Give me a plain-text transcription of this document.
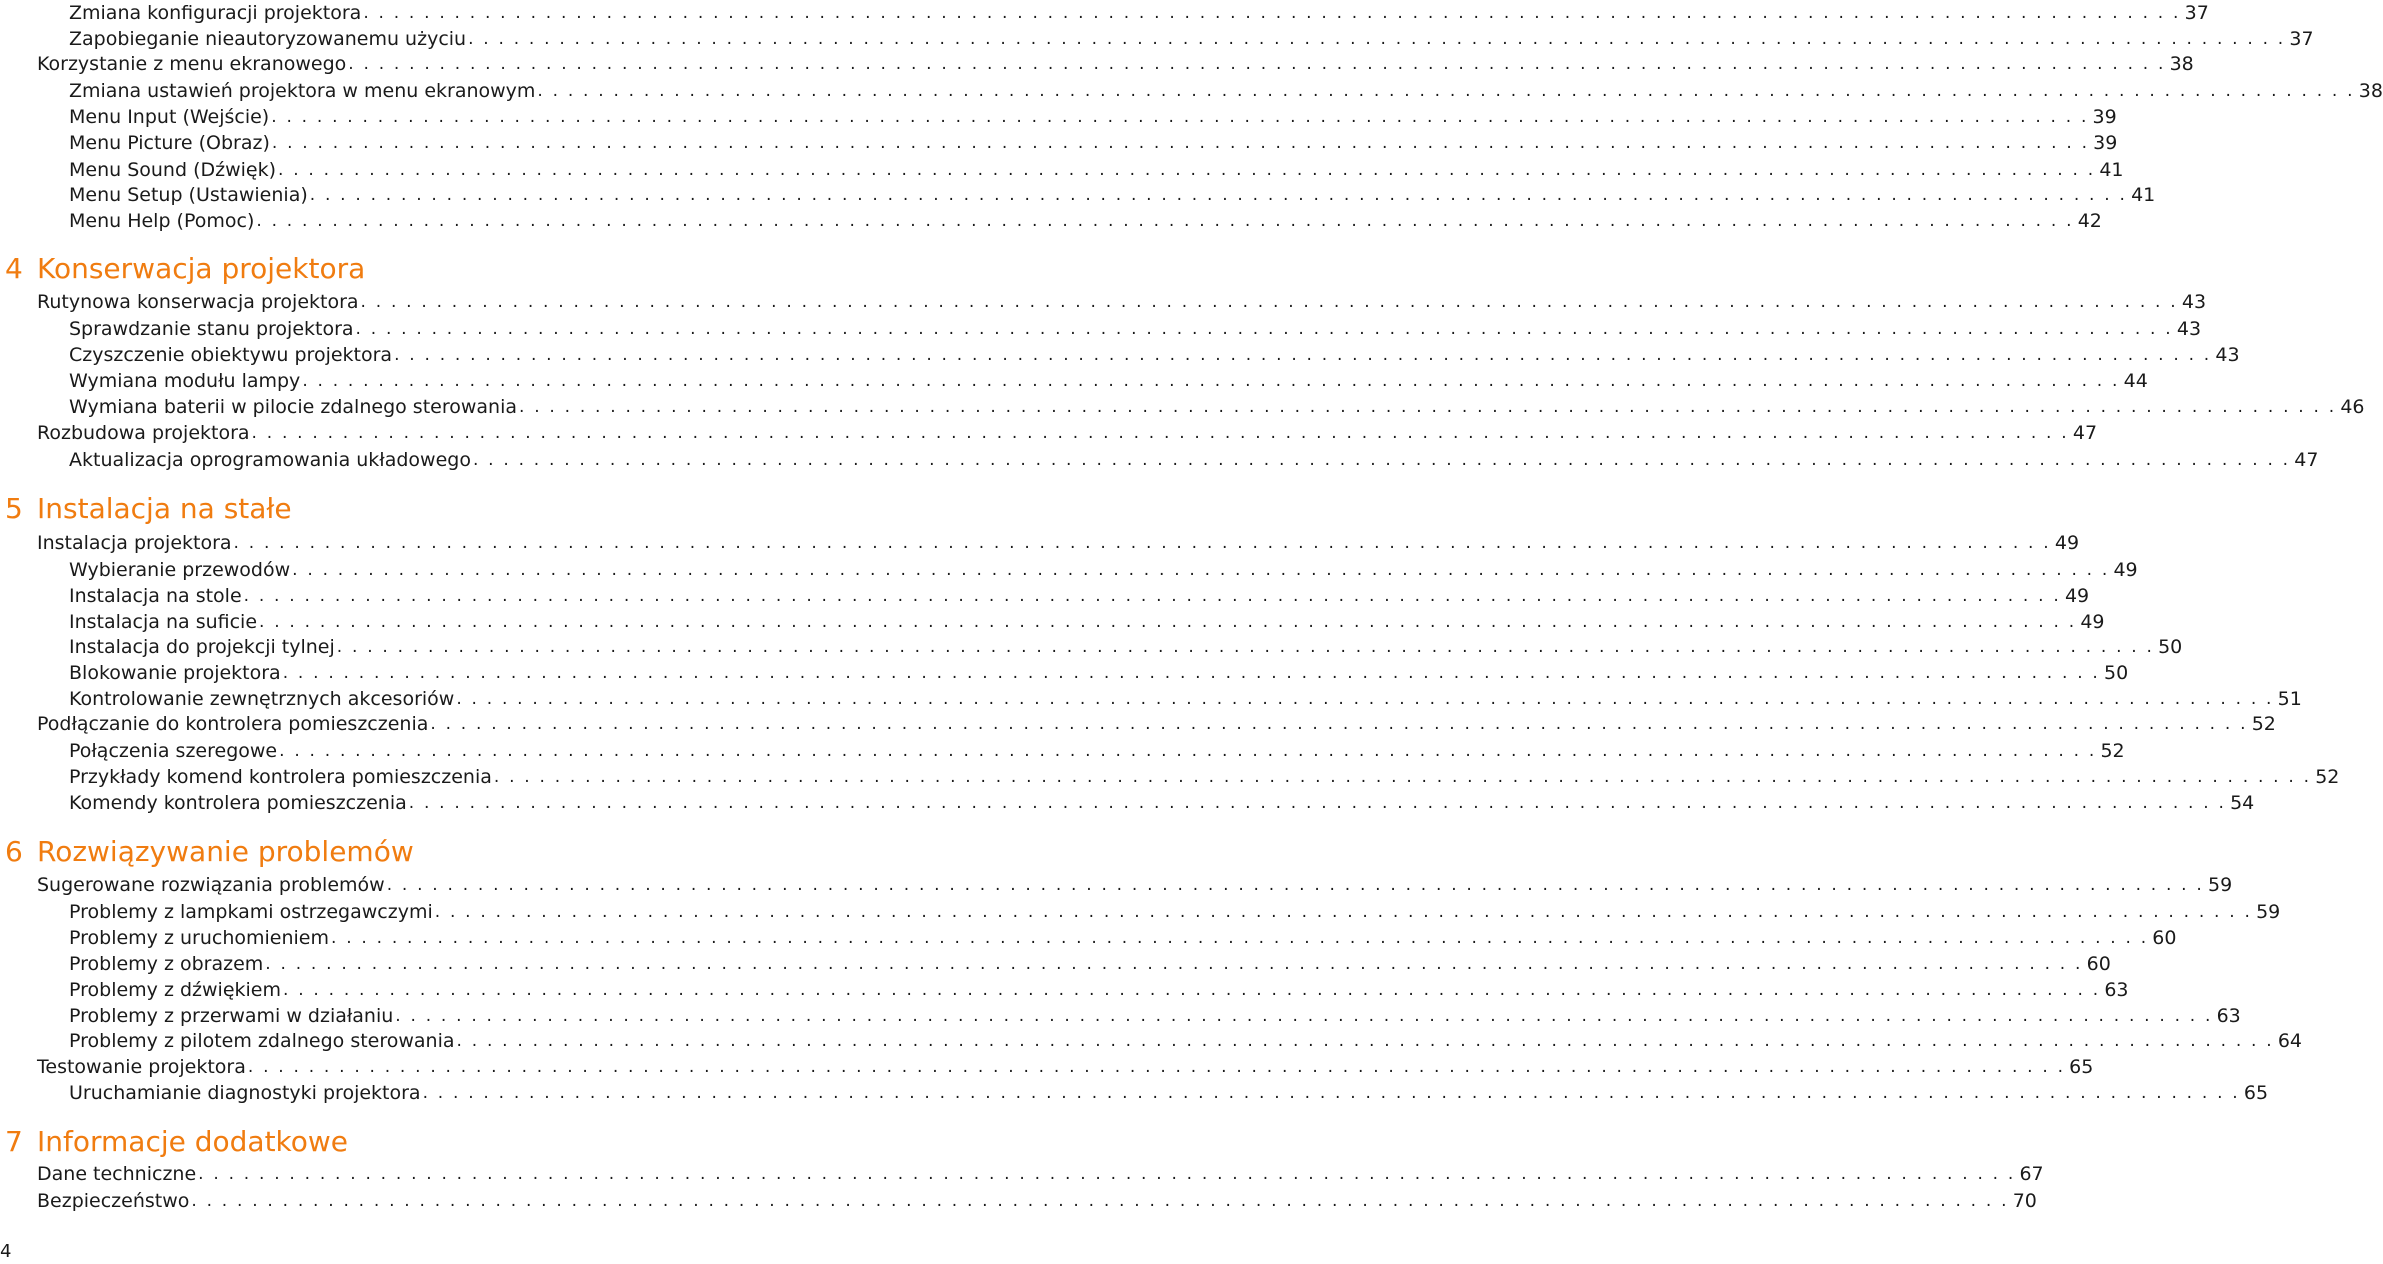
Zmiana konfiguracji projektora . . . . . . . . . . . . . . . . . . . . . . . . . . . . . . . . . . . . . . . . . . . . . . . . . . . . . . . . . . . . . . . . . . . . . . . . . . . . . . . . . . . . . . . . . . . . . . . . . . . . . . . . . . . . . . . . . . . . . . . . 37
Zapobieganie nieautoryzowanemu użyciu . . . . . . . . . . . . . . . . . . . . . . . . . . . . . . . . . . . . . . . . . . . . . . . . . . . . . . . . . . . . . . . . . . . . . . . . . . . . . . . . . . . . . . . . . . . . . . . . . . . . . . . . . . . . . . . . . . . . . . . . 37
Korzystanie z menu ekranowego . . . . . . . . . . . . . . . . . . . . . . . . . . . . . . . . . . . . . . . . . . . . . . . . . . . . . . . . . . . . . . . . . . . . . . . . . . . . . . . . . . . . . . . . . . . . . . . . . . . . . . . . . . . . . . . . . . . . . . . . 38
Zmiana ustawień projektora w menu ekranowym . . . . . . . . . . . . . . . . . . . . . . . . . . . . . . . . . . . . . . . . . . . . . . . . . . . . . . . . . . . . . . . . . . . . . . . . . . . . . . . . . . . . . . . . . . . . . . . . . . . . . . . . . . . . . . . . . . . . . . . . 38
Menu Input (Wejście) . . . . . . . . . . . . . . . . . . . . . . . . . . . . . . . . . . . . . . . . . . . . . . . . . . . . . . . . . . . . . . . . . . . . . . . . . . . . . . . . . . . . . . . . . . . . . . . . . . . . . . . . . . . . . . . . . . . . . . . . 39
Menu Picture (Obraz) . . . . . . . . . . . . . . . . . . . . . . . . . . . . . . . . . . . . . . . . . . . . . . . . . . . . . . . . . . . . . . . . . . . . . . . . . . . . . . . . . . . . . . . . . . . . . . . . . . . . . . . . . . . . . . . . . . . . . . . . 39
Menu Sound (Dźwięk) . . . . . . . . . . . . . . . . . . . . . . . . . . . . . . . . . . . . . . . . . . . . . . . . . . . . . . . . . . . . . . . . . . . . . . . . . . . . . . . . . . . . . . . . . . . . . . . . . . . . . . . . . . . . . . . . . . . . . . . . 41
Menu Setup (Ustawienia) . . . . . . . . . . . . . . . . . . . . . . . . . . . . . . . . . . . . . . . . . . . . . . . . . . . . . . . . . . . . . . . . . . . . . . . . . . . . . . . . . . . . . . . . . . . . . . . . . . . . . . . . . . . . . . . . . . . . . . . . 41
Menu Help (Pomoc) . . . . . . . . . . . . . . . . . . . . . . . . . . . . . . . . . . . . . . . . . . . . . . . . . . . . . . . . . . . . . . . . . . . . . . . . . . . . . . . . . . . . . . . . . . . . . . . . . . . . . . . . . . . . . . . . . . . . . . . . 42
4 Konserwacja projektora
Rutynowa konserwacja projektora . . . . . . . . . . . . . . . . . . . . . . . . . . . . . . . . . . . . . . . . . . . . . . . . . . . . . . . . . . . . . . . . . . . . . . . . . . . . . . . . . . . . . . . . . . . . . . . . . . . . . . . . . . . . . . . . . . . . . . . . 43
Sprawdzanie stanu projektora . . . . . . . . . . . . . . . . . . . . . . . . . . . . . . . . . . . . . . . . . . . . . . . . . . . . . . . . . . . . . . . . . . . . . . . . . . . . . . . . . . . . . . . . . . . . . . . . . . . . . . . . . . . . . . . . . . . . . . . . 43
Czyszczenie obiektywu projektora . . . . . . . . . . . . . . . . . . . . . . . . . . . . . . . . . . . . . . . . . . . . . . . . . . . . . . . . . . . . . . . . . . . . . . . . . . . . . . . . . . . . . . . . . . . . . . . . . . . . . . . . . . . . . . . . . . . . . . . . 43
Wymiana modułu lampy . . . . . . . . . . . . . . . . . . . . . . . . . . . . . . . . . . . . . . . . . . . . . . . . . . . . . . . . . . . . . . . . . . . . . . . . . . . . . . . . . . . . . . . . . . . . . . . . . . . . . . . . . . . . . . . . . . . . . . . . 44
Wymiana baterii w pilocie zdalnego sterowania . . . . . . . . . . . . . . . . . . . . . . . . . . . . . . . . . . . . . . . . . . . . . . . . . . . . . . . . . . . . . . . . . . . . . . . . . . . . . . . . . . . . . . . . . . . . . . . . . . . . . . . . . . . . . . . . . . . . . . . . 46
Rozbudowa projektora . . . . . . . . . . . . . . . . . . . . . . . . . . . . . . . . . . . . . . . . . . . . . . . . . . . . . . . . . . . . . . . . . . . . . . . . . . . . . . . . . . . . . . . . . . . . . . . . . . . . . . . . . . . . . . . . . . . . . . . . 47
Aktualizacja oprogramowania układowego . . . . . . . . . . . . . . . . . . . . . . . . . . . . . . . . . . . . . . . . . . . . . . . . . . . . . . . . . . . . . . . . . . . . . . . . . . . . . . . . . . . . . . . . . . . . . . . . . . . . . . . . . . . . . . . . . . . . . . . . 47
5 Instalacja na stałe
Instalacja projektora . . . . . . . . . . . . . . . . . . . . . . . . . . . . . . . . . . . . . . . . . . . . . . . . . . . . . . . . . . . . . . . . . . . . . . . . . . . . . . . . . . . . . . . . . . . . . . . . . . . . . . . . . . . . . . . . . . . . . . . . 49
Wybieranie przewodów . . . . . . . . . . . . . . . . . . . . . . . . . . . . . . . . . . . . . . . . . . . . . . . . . . . . . . . . . . . . . . . . . . . . . . . . . . . . . . . . . . . . . . . . . . . . . . . . . . . . . . . . . . . . . . . . . . . . . . . . 49
Instalacja na stole . . . . . . . . . . . . . . . . . . . . . . . . . . . . . . . . . . . . . . . . . . . . . . . . . . . . . . . . . . . . . . . . . . . . . . . . . . . . . . . . . . . . . . . . . . . . . . . . . . . . . . . . . . . . . . . . . . . . . . . . 49
Instalacja na suficie . . . . . . . . . . . . . . . . . . . . . . . . . . . . . . . . . . . . . . . . . . . . . . . . . . . . . . . . . . . . . . . . . . . . . . . . . . . . . . . . . . . . . . . . . . . . . . . . . . . . . . . . . . . . . . . . . . . . . . . . 49
Instalacja do projekcji tylnej . . . . . . . . . . . . . . . . . . . . . . . . . . . . . . . . . . . . . . . . . . . . . . . . . . . . . . . . . . . . . . . . . . . . . . . . . . . . . . . . . . . . . . . . . . . . . . . . . . . . . . . . . . . . . . . . . . . . . . . . 50
Blokowanie projektora . . . . . . . . . . . . . . . . . . . . . . . . . . . . . . . . . . . . . . . . . . . . . . . . . . . . . . . . . . . . . . . . . . . . . . . . . . . . . . . . . . . . . . . . . . . . . . . . . . . . . . . . . . . . . . . . . . . . . . . . 50
Kontrolowanie zewnętrznych akcesoriów . . . . . . . . . . . . . . . . . . . . . . . . . . . . . . . . . . . . . . . . . . . . . . . . . . . . . . . . . . . . . . . . . . . . . . . . . . . . . . . . . . . . . . . . . . . . . . . . . . . . . . . . . . . . . . . . . . . . . . . . 51
Podłączanie do kontrolera pomieszczenia . . . . . . . . . . . . . . . . . . . . . . . . . . . . . . . . . . . . . . . . . . . . . . . . . . . . . . . . . . . . . . . . . . . . . . . . . . . . . . . . . . . . . . . . . . . . . . . . . . . . . . . . . . . . . . . . . . . . . . . . 52
Połączenia szeregowe . . . . . . . . . . . . . . . . . . . . . . . . . . . . . . . . . . . . . . . . . . . . . . . . . . . . . . . . . . . . . . . . . . . . . . . . . . . . . . . . . . . . . . . . . . . . . . . . . . . . . . . . . . . . . . . . . . . . . . . . 52
Przykłady komend kontrolera pomieszczenia . . . . . . . . . . . . . . . . . . . . . . . . . . . . . . . . . . . . . . . . . . . . . . . . . . . . . . . . . . . . . . . . . . . . . . . . . . . . . . . . . . . . . . . . . . . . . . . . . . . . . . . . . . . . . . . . . . . . . . . . 52
Komendy kontrolera pomieszczenia . . . . . . . . . . . . . . . . . . . . . . . . . . . . . . . . . . . . . . . . . . . . . . . . . . . . . . . . . . . . . . . . . . . . . . . . . . . . . . . . . . . . . . . . . . . . . . . . . . . . . . . . . . . . . . . . . . . . . . . . 54
6 Rozwiązywanie problemów
Sugerowane rozwiązania problemów . . . . . . . . . . . . . . . . . . . . . . . . . . . . . . . . . . . . . . . . . . . . . . . . . . . . . . . . . . . . . . . . . . . . . . . . . . . . . . . . . . . . . . . . . . . . . . . . . . . . . . . . . . . . . . . . . . . . . . . . 59
Problemy z lampkami ostrzegawczymi . . . . . . . . . . . . . . . . . . . . . . . . . . . . . . . . . . . . . . . . . . . . . . . . . . . . . . . . . . . . . . . . . . . . . . . . . . . . . . . . . . . . . . . . . . . . . . . . . . . . . . . . . . . . . . . . . . . . . . . . 59
Problemy z uruchomieniem . . . . . . . . . . . . . . . . . . . . . . . . . . . . . . . . . . . . . . . . . . . . . . . . . . . . . . . . . . . . . . . . . . . . . . . . . . . . . . . . . . . . . . . . . . . . . . . . . . . . . . . . . . . . . . . . . . . . . . . . 60
Problemy z obrazem . . . . . . . . . . . . . . . . . . . . . . . . . . . . . . . . . . . . . . . . . . . . . . . . . . . . . . . . . . . . . . . . . . . . . . . . . . . . . . . . . . . . . . . . . . . . . . . . . . . . . . . . . . . . . . . . . . . . . . . . 60
Problemy z dźwiękiem . . . . . . . . . . . . . . . . . . . . . . . . . . . . . . . . . . . . . . . . . . . . . . . . . . . . . . . . . . . . . . . . . . . . . . . . . . . . . . . . . . . . . . . . . . . . . . . . . . . . . . . . . . . . . . . . . . . . . . . . 63
Problemy z przerwami w działaniu . . . . . . . . . . . . . . . . . . . . . . . . . . . . . . . . . . . . . . . . . . . . . . . . . . . . . . . . . . . . . . . . . . . . . . . . . . . . . . . . . . . . . . . . . . . . . . . . . . . . . . . . . . . . . . . . . . . . . . . . 63
Problemy z pilotem zdalnego sterowania . . . . . . . . . . . . . . . . . . . . . . . . . . . . . . . . . . . . . . . . . . . . . . . . . . . . . . . . . . . . . . . . . . . . . . . . . . . . . . . . . . . . . . . . . . . . . . . . . . . . . . . . . . . . . . . . . . . . . . . . 64
Testowanie projektora . . . . . . . . . . . . . . . . . . . . . . . . . . . . . . . . . . . . . . . . . . . . . . . . . . . . . . . . . . . . . . . . . . . . . . . . . . . . . . . . . . . . . . . . . . . . . . . . . . . . . . . . . . . . . . . . . . . . . . . . 65
Uruchamianie diagnostyki projektora . . . . . . . . . . . . . . . . . . . . . . . . . . . . . . . . . . . . . . . . . . . . . . . . . . . . . . . . . . . . . . . . . . . . . . . . . . . . . . . . . . . . . . . . . . . . . . . . . . . . . . . . . . . . . . . . . . . . . . . . 65
7 Informacje dodatkowe
Dane techniczne . . . . . . . . . . . . . . . . . . . . . . . . . . . . . . . . . . . . . . . . . . . . . . . . . . . . . . . . . . . . . . . . . . . . . . . . . . . . . . . . . . . . . . . . . . . . . . . . . . . . . . . . . . . . . . . . . . . . . . . . 67
Bezpieczeństwo . . . . . . . . . . . . . . . . . . . . . . . . . . . . . . . . . . . . . . . . . . . . . . . . . . . . . . . . . . . . . . . . . . . . . . . . . . . . . . . . . . . . . . . . . . . . . . . . . . . . . . . . . . . . . . . . . . . . . . . . 70
4
